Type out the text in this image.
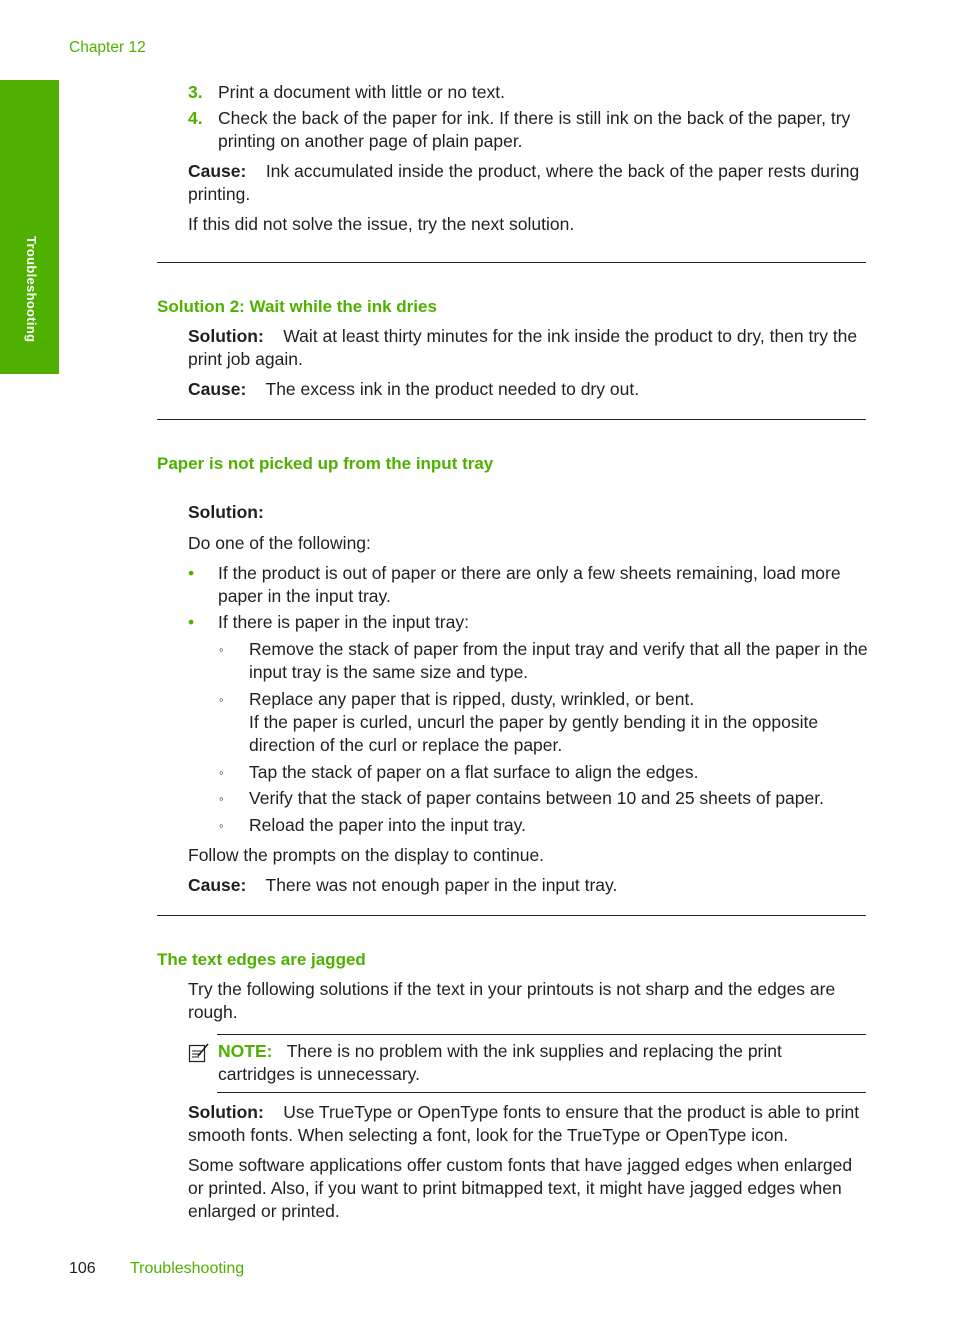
Chapter 12
Troubleshooting
3. Print a document with little or no text.
4. Check the back of the paper for ink. If there is still ink on the back of the paper, try printing on another page of plain paper.
Cause: Ink accumulated inside the product, where the back of the paper rests during printing.
If this did not solve the issue, try the next solution.
Solution 2: Wait while the ink dries
Solution: Wait at least thirty minutes for the ink inside the product to dry, then try the print job again.
Cause: The excess ink in the product needed to dry out.
Paper is not picked up from the input tray
Solution:
Do one of the following:
• If the product is out of paper or there are only a few sheets remaining, load more paper in the input tray.
• If there is paper in the input tray:
◦ Remove the stack of paper from the input tray and verify that all the paper in the input tray is the same size and type.
◦ Replace any paper that is ripped, dusty, wrinkled, or bent.
If the paper is curled, uncurl the paper by gently bending it in the opposite direction of the curl or replace the paper.
◦ Tap the stack of paper on a flat surface to align the edges.
◦ Verify that the stack of paper contains between 10 and 25 sheets of paper.
◦ Reload the paper into the input tray.
Follow the prompts on the display to continue.
Cause: There was not enough paper in the input tray.
The text edges are jagged
Try the following solutions if the text in your printouts is not sharp and the edges are rough.
NOTE: There is no problem with the ink supplies and replacing the print cartridges is unnecessary.
Solution: Use TrueType or OpenType fonts to ensure that the product is able to print smooth fonts. When selecting a font, look for the TrueType or OpenType icon.
Some software applications offer custom fonts that have jagged edges when enlarged or printed. Also, if you want to print bitmapped text, it might have jagged edges when enlarged or printed.
106 Troubleshooting
